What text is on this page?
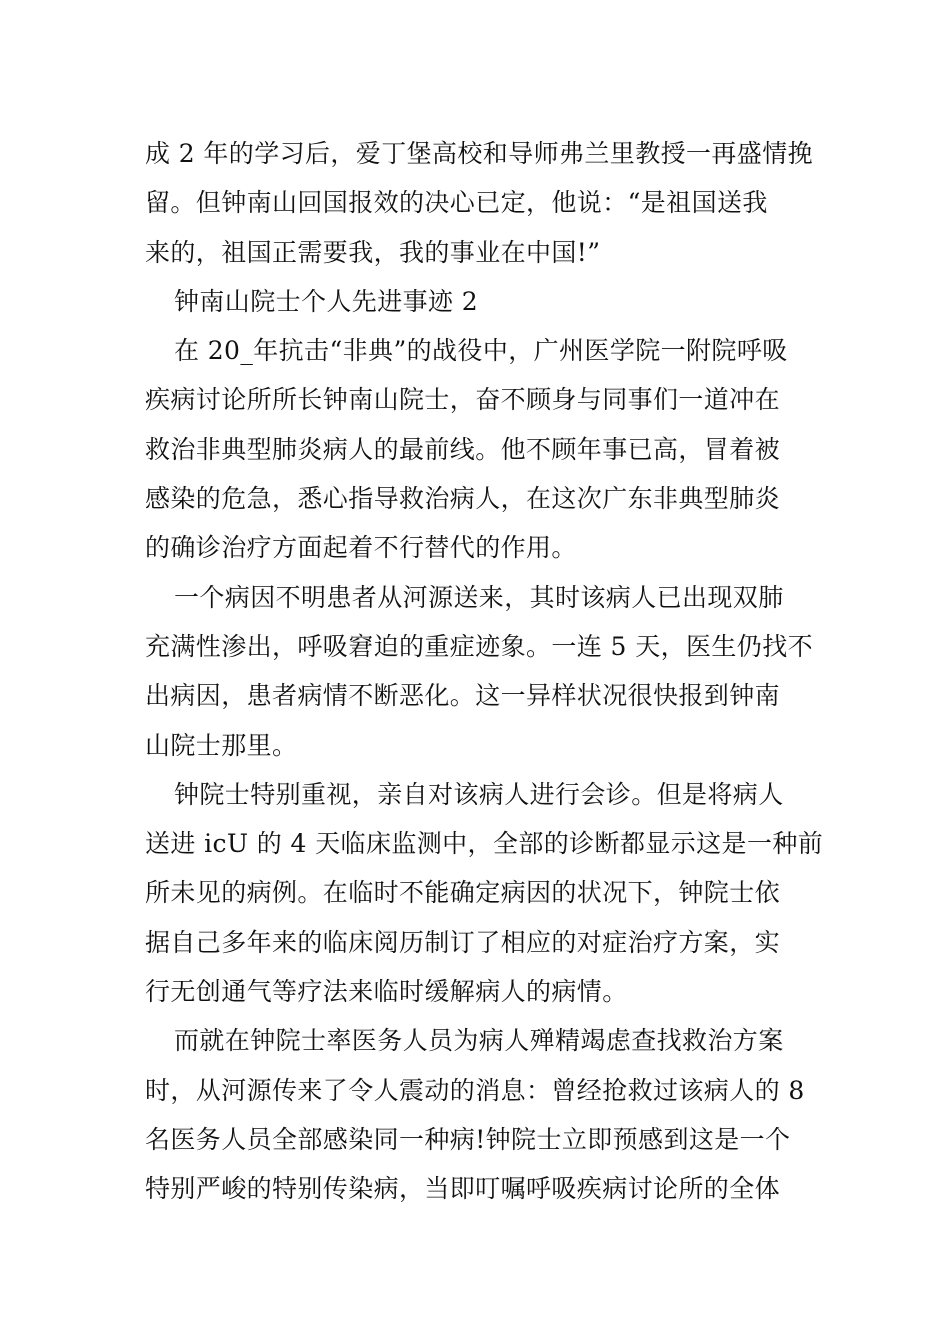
成 2 年的学习后，爱丁堡高校和导师弗兰里教授一再盛情挽
留。但钟南山回国报效的决心已定，他说：“是祖国送我
来的，祖国正需要我，我的事业在中国!”
钟南山院士个人先进事迹 2
在 20_年抗击“非典”的战役中，广州医学院一附院呼吸
疾病讨论所所长钟南山院士，奋不顾身与同事们一道冲在
救治非典型肺炎病人的最前线。他不顾年事已高，冒着被
感染的危急，悉心指导救治病人，在这次广东非典型肺炎
的确诊治疗方面起着不行替代的作用。
一个病因不明患者从河源送来，其时该病人已出现双肺
充满性渗出，呼吸窘迫的重症迹象。一连 5 天，医生仍找不
出病因，患者病情不断恶化。这一异样状况很快报到钟南
山院士那里。
钟院士特别重视，亲自对该病人进行会诊。但是将病人
送进 icU 的 4 天临床监测中，全部的诊断都显示这是一种前
所未见的病例。在临时不能确定病因的状况下，钟院士依
据自己多年来的临床阅历制订了相应的对症治疗方案，实
行无创通气等疗法来临时缓解病人的病情。
而就在钟院士率医务人员为病人殚精竭虑查找救治方案
时，从河源传来了令人震动的消息：曾经抢救过该病人的 8
名医务人员全部感染同一种病!钟院士立即预感到这是一个
特别严峻的特别传染病，当即叮嘱呼吸疾病讨论所的全体
